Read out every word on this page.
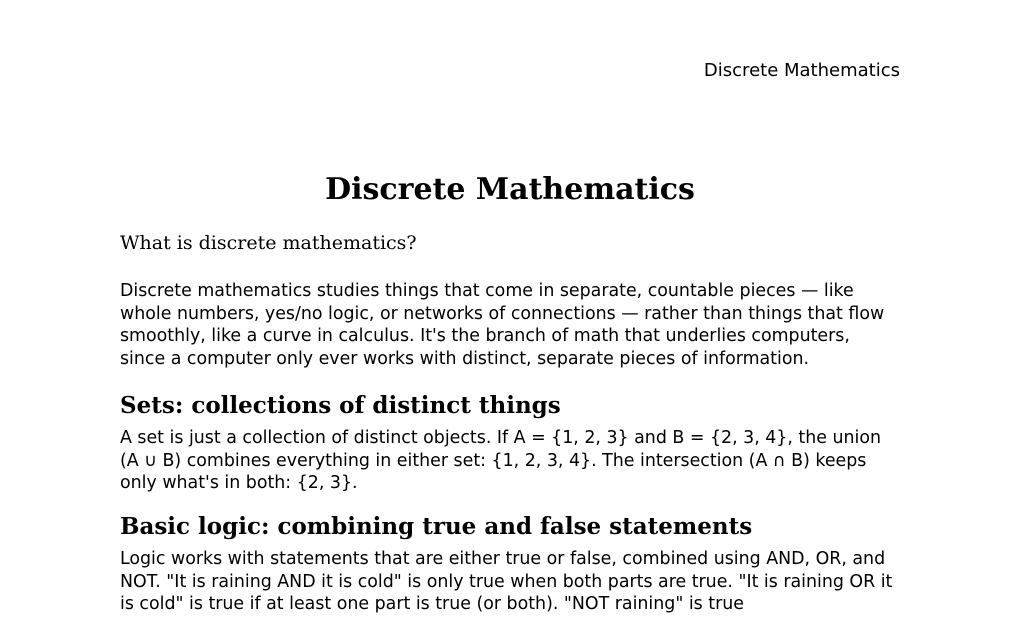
Discrete Mathematics
Discrete Mathematics
What is discrete mathematics?

Discrete mathematics studies things that come in separate, countable pieces — like whole numbers, yes/no logic, or networks of connections — rather than things that flow smoothly, like a curve in calculus. It's the branch of math that underlies computers, since a computer only ever works with distinct, separate pieces of information.

Sets: collections of distinct things

A set is just a collection of distinct objects. If A = {1, 2, 3} and B = {2, 3, 4}, the union (A ∪ B) combines everything in either set: {1, 2, 3, 4}. The intersection (A ∩ B) keeps only what's in both: {2, 3}.

Basic logic: combining true and false statements

Logic works with statements that are either true or false, combined using AND, OR, and NOT. "It is raining AND it is cold" is only true when both parts are true. "It is raining OR it is cold" is true if at least one part is true (or both). "NOT raining" is true
